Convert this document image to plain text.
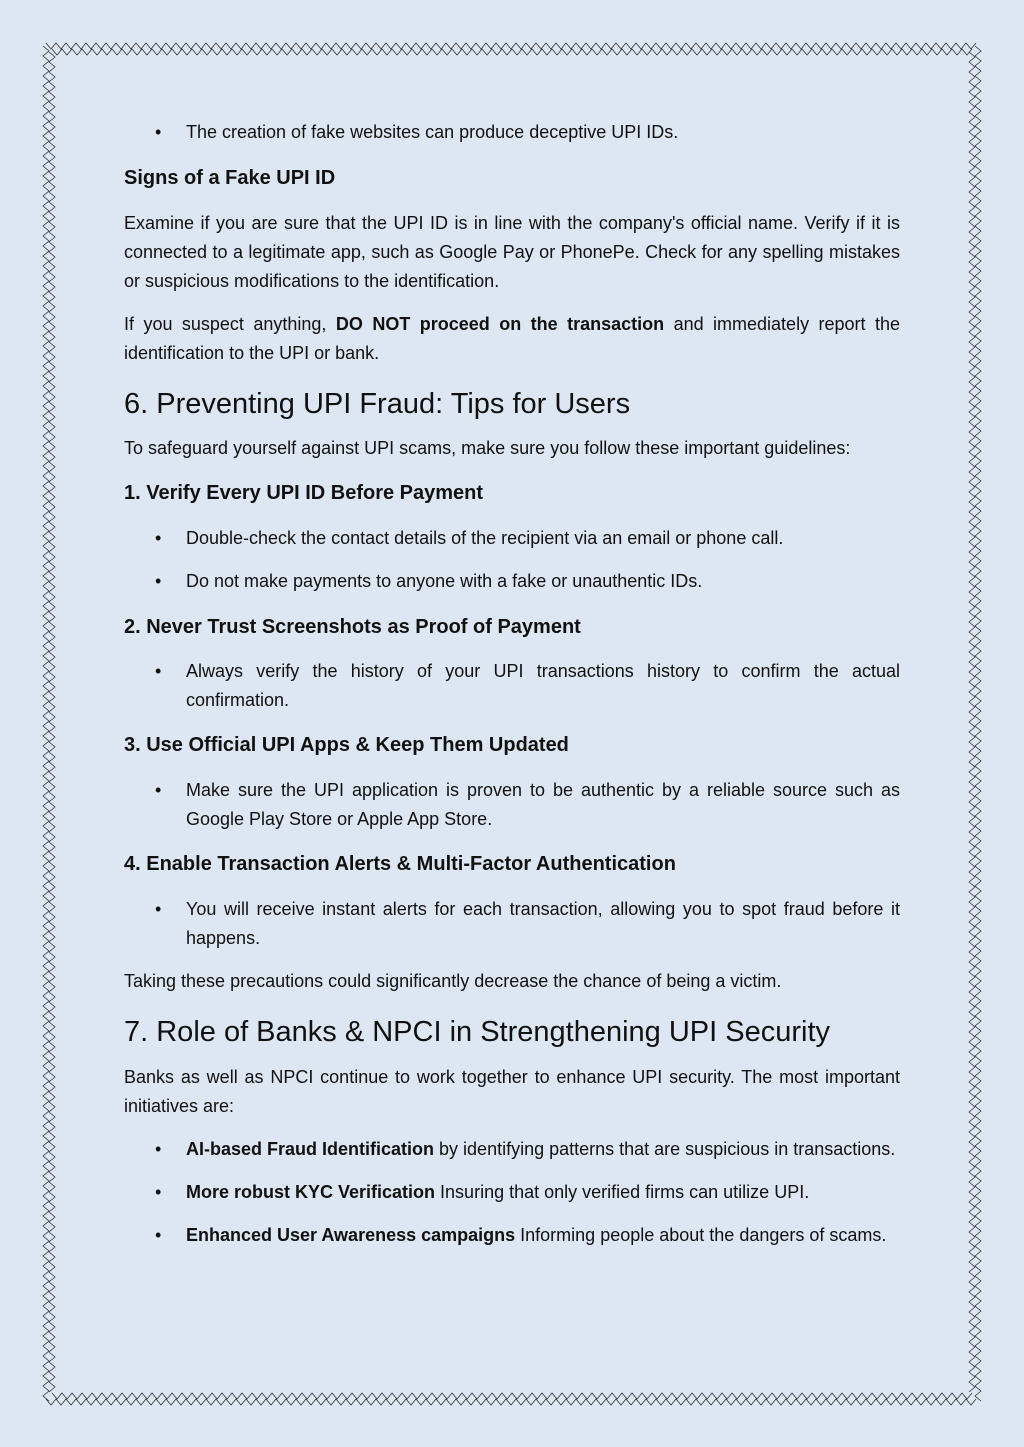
• The creation of fake websites can produce deceptive UPI IDs.
Signs of a Fake UPI ID

Examine if you are sure that the UPI ID is in line with the company's official name. Verify if it is connected to a legitimate app, such as Google Pay or PhonePe. Check for any spelling mistakes or suspicious modifications to the identification.

If you suspect anything, DO NOT proceed on the transaction and immediately report the identification to the UPI or bank.

6. Preventing UPI Fraud: Tips for Users

To safeguard yourself against UPI scams, make sure you follow these important guidelines:

1. Verify Every UPI ID Before Payment
• Double-check the contact details of the recipient via an email or phone call.
• Do not make payments to anyone with a fake or unauthentic IDs.
2. Never Trust Screenshots as Proof of Payment
• Always verify the history of your UPI transactions history to confirm the actual confirmation.
3. Use Official UPI Apps & Keep Them Updated
• Make sure the UPI application is proven to be authentic by a reliable source such as Google Play Store or Apple App Store.
4. Enable Transaction Alerts & Multi-Factor Authentication
• You will receive instant alerts for each transaction, allowing you to spot fraud before it happens.

Taking these precautions could significantly decrease the chance of being a victim.

7. Role of Banks & NPCI in Strengthening UPI Security

Banks as well as NPCI continue to work together to enhance UPI security. The most important initiatives are:

• AI-based Fraud Identification by identifying patterns that are suspicious in transactions.
• More robust KYC Verification Insuring that only verified firms can utilize UPI.
• Enhanced User Awareness campaigns Informing people about the dangers of scams.
